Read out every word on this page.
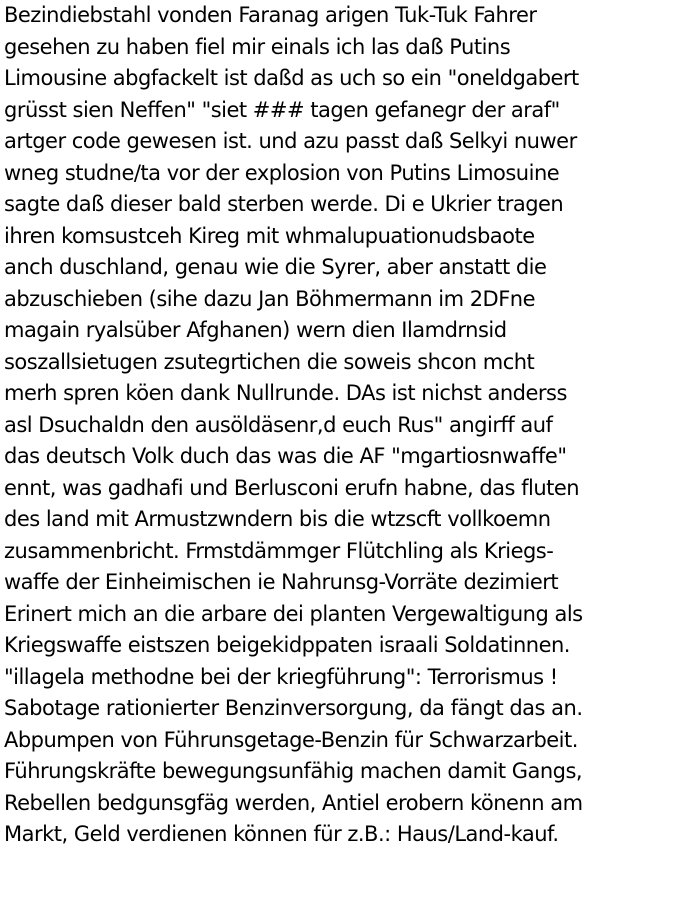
Bezindiebstahl vonden Faranag arigen Tuk-Tuk Fahrer
gesehen zu haben fiel mir einals ich las daß Putins
Limousine abgfackelt ist daßd as uch so ein "oneldgabert
grüsst sien Neffen" "siet ### tagen gefanegr der araf"
artger code gewesen ist. und azu passt daß Selkyi nuwer
wneg studne/ta vor der explosion von Putins Limosuine
sagte daß dieser bald sterben werde. Di e Ukrier tragen
ihren komsustceh Kireg mit whmalupuationudsbaote
anch duschland, genau wie die Syrer, aber anstatt die
abzuschieben (sihe dazu Jan Böhmermann im 2DFne
magain ryalsüber Afghanen) wern dien Ilamdrnsid
soszallsietugen zsutegrtichen die soweis shcon mcht
merh spren köen dank Nullrunde. DAs ist nichst anderss
asl Dsuchaldn den ausöldäsenr,d euch Rus" angirff auf
das deutsch Volk duch das was die AF "mgartiosnwaffe"
ennt, was gadhafi und Berlusconi erufn habne, das fluten
des land mit Armustzwndern bis die wtzscft vollkoemn
zusammenbricht. Frmstdämmger Flütchling als Kriegs-
waffe der Einheimischen ie Nahrunsg-Vorräte dezimiert
Erinert mich an die arbare dei planten Vergewaltigung als
Kriegswaffe eistszen beigekidppaten israali Soldatinnen.
"illagela methodne bei der kriegführung": Terrorismus !
Sabotage rationierter Benzinversorgung, da fängt das an.
Abpumpen von Führunsgetage-Benzin für Schwarzarbeit.
Führungskräfte bewegungsunfähig machen damit Gangs,
Rebellen bedgunsgfäg werden, Antiel erobern könenn am
Markt, Geld verdienen können für z.B.: Haus/Land-kauf.
